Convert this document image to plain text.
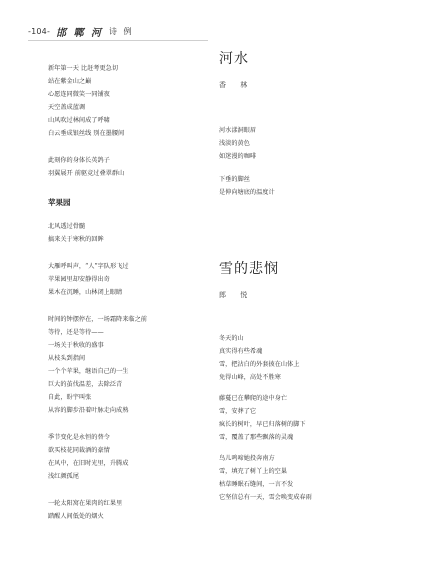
-104- 邯 鄲 河 诗 例
新年第一天 比赶考更急切
站在紫金山之巅
心愿连同微笑一同铺夜
天空盖成蓝调
山风吹过林间成了呼啸
白云垂成银丝线 别在墨腰间
此刻你的身体长英鸽子
羽翼展开 前驱竞过叠翠群山
苹果园
北风透过骨髓
搞来关于寒秋的回眸
大雁呼叫声，“人”字队形飞过
苹果园里却安静得出奇
果木在沉睡，山林闭上眼睛
时间的钟摆停在，一场霜降来临之前
等待，还是等待——
一场关于秋收的盛事
从枝头到指间
一个个苹果，继语自己的一生
巨大的茧伐温差，去除泛青
自此，盼宇叫张
从容的脚步沿着叶脉走向成熟
季节变化是永恒的替令
欲买枝花同裁酒的豪情
在风中，在旧时光里，升腾成
浅红颜孤尾
一轮太阳窝在果肉的红果里
踏醒人间低处的烟火
河水
香 林
河水漾洞眼眉
浅淡的黄色
如迷漫的咖啡
下垂的脚丝
是伸向塘底的温度计
雪的悲悯
郎 悦
冬天的山
真实得有些希魂
雪，把沾白的外套披在山体上
免得山峰，高处不胜寒
藤蔓已在攀爬的途中身亡
雪，安葬了它
疯长的树叶，早已归落树的脚下
雪，覆盖了那些飘落的灵魂
鸟儿鸣啼她投奔南方
雪，填充了树丫上的空巢
枯草睡眠石缝间，一言不发
它坚信总有一天，雪会唤变成春雨
